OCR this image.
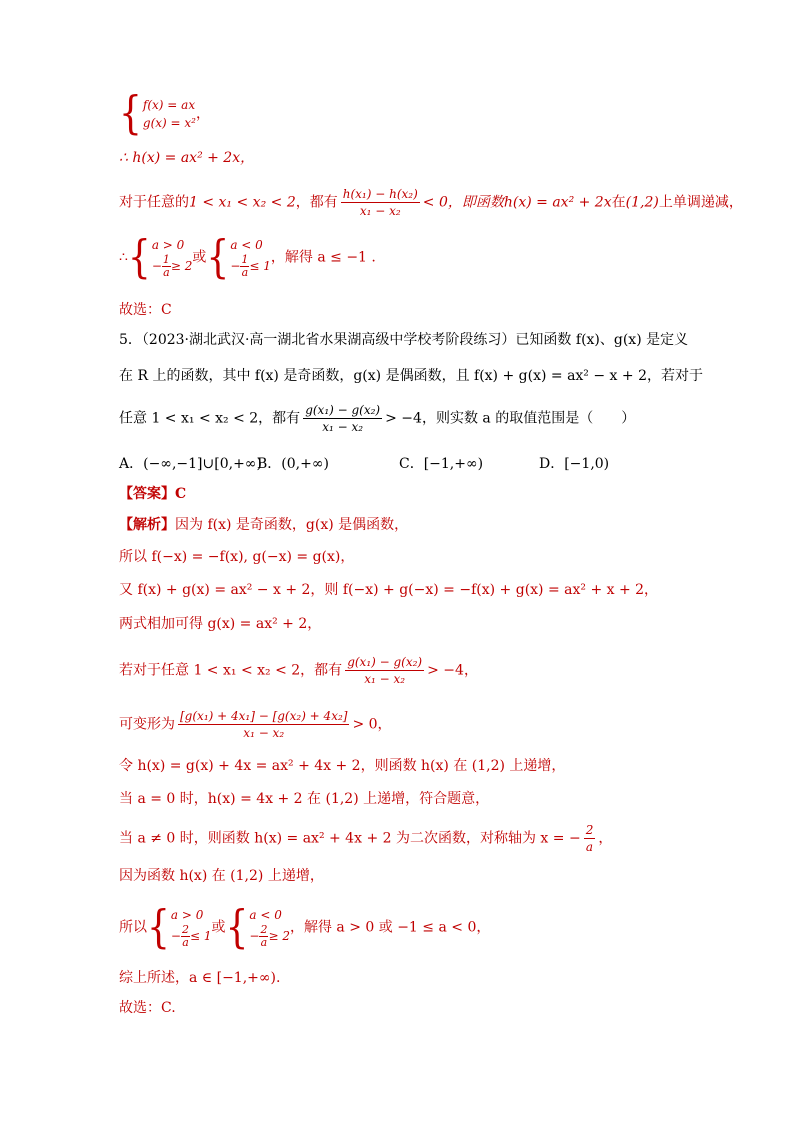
{ f(x) = ax
g(x) = x²
，
∴ h(x) = ax² + 2x，
对于任意的1 < x₁ < x₂ < 2，都有 $\frac{\text{h(x₁) − h(x₂)}}{\text{x₁ − x₂}} < 0$，即函数h(x) = ax² + 2x在(1,2)上单调递减，
∴{ a > 0
− $\frac{1}{a} \ge 2$
或{ a < 0
− $\frac{1}{a} \le 1$
，解得 a ≤ −1 .
故选：C
5．（2023·湖北武汉·高一湖北省水果湖高级中学校考阶段练习）已知函数 f(x)、g(x) 是定义
在 R 上的函数，其中 f(x) 是奇函数，g(x) 是偶函数，且 f(x) + g(x) = ax² − x + 2，若对于
任意 1 < x₁ < x₂ < 2，都有 $\frac{\text{g(x₁) − g(x₂)}}{\text{x₁ − x₂}} > -4$，则实数 a 的取值范围是（　　）
A．(−∞,−1]∪[0,+∞)B．(0,+∞)	C．[−1,+∞)	D．[−1,0)
【答案】C
【解析】因为 f(x) 是奇函数，g(x) 是偶函数，
所以 f(−x) = −f(x), g(−x) = g(x)，
又 f(x) + g(x) = ax² − x + 2，则 f(−x) + g(−x) = −f(x) + g(x) = ax² + x + 2，
两式相加可得 g(x) = ax² + 2，
若对于任意 1 < x₁ < x₂ < 2，都有 $\frac{\text{g(x₁) − g(x₂)}}{\text{x₁ − x₂}} > -4$，
可变形为 $\frac{\text{[g(x₁) + 4x₁] − [g(x₂) + 4x₂]}}{\text{x₁ − x₂}} > 0$，
令 h(x) = g(x) + 4x = ax² + 4x + 2，则函数 h(x) 在 (1,2) 上递增，
当 a = 0 时，h(x) = 4x + 2 在 (1,2) 上递增，符合题意，
当 a ≠ 0 时，则函数 h(x) = ax² + 4x + 2 为二次函数，对称轴为 x = − $\frac{2}{a}$ ，
因为函数 h(x) 在 (1,2) 上递增，
所以{ a > 0
− $\frac{2}{a} \le 1$
或{ a < 0
− $\frac{2}{a} \ge 2$
，解得 a > 0 或 −1 ≤ a < 0，
综上所述，a ∈ [−1,+∞).
故选：C.
